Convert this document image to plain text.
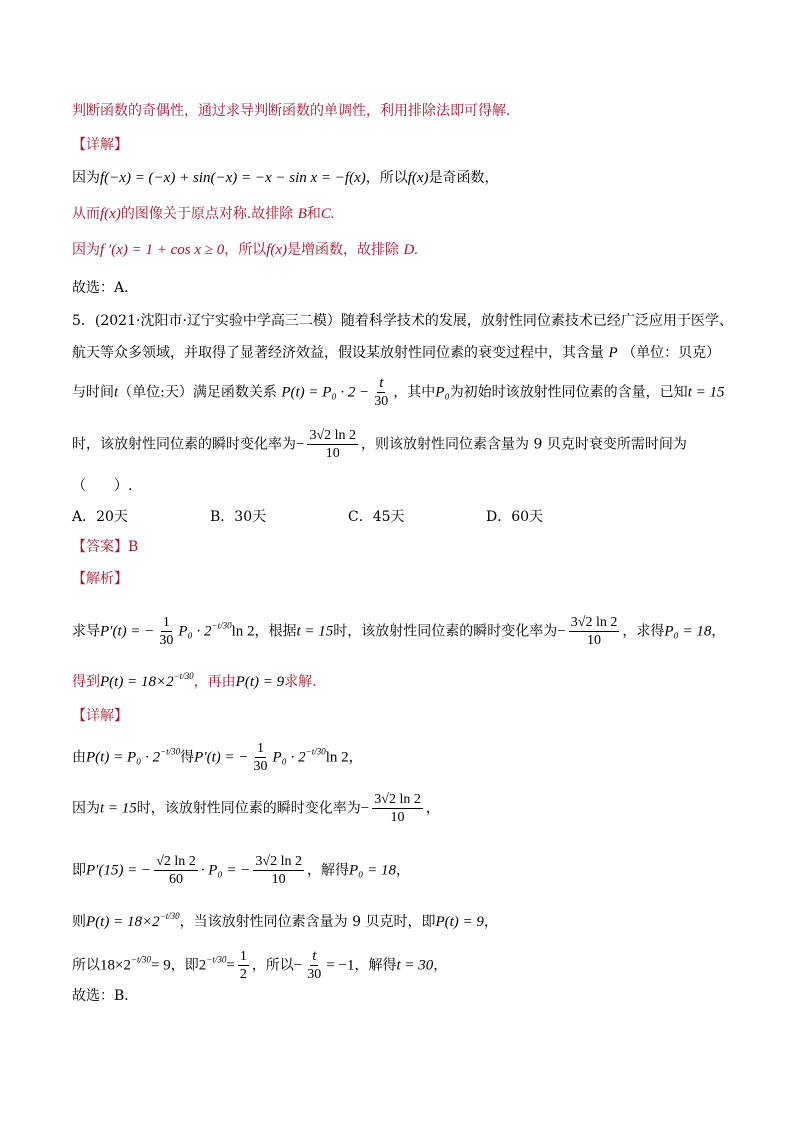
判断函数的奇偶性，通过求导判断函数的单调性，利用排除法即可得解．
【详解】
因为f(−x) = (−x) + sin(−x) = −x − sin x = −f(x)，所以f(x)是奇函数，
从而f(x)的图像关于原点对称.故排除 B和C.
因为f ′(x) = 1 + cos x ≥ 0，所以f(x)是增函数，故排除 D.
故选：A．
5．(2021·沈阳市·辽宁实验中学高三二模）随着科学技术的发展，放射性同位素技术已经广泛应用于医学、
航天等众多领域，并取得了显著经济效益，假设某放射性同位素的衰变过程中，其含量 P （单位：贝克）
与时间t（单位:天）满足函数关系 $P(t) = P_0 \cdot 2 - \frac{t}{30}$ ，其中P₀为初始时该放射性同位素的含量，已知t = 15
时，该放射性同位素的瞬时变化率为− $\frac{3√2 \ln 2}{10}$ ，则该放射性同位素含量为 9 贝克时衰变所需时间为
（　　）.
A．20天	B．30天	C．45天	D．60天
【答案】B
【解析】
求导P′(t) = − $\frac{1}{30} P_0 \cdot 2^{-t/30}\ln$ 2，根据t = 15时，该放射性同位素的瞬时变化率为− $\frac{3√2 \ln 2}{10}$ ，求得P₀ = 18，
得到$P(t) = 18\times 2^{-t/30}$，再由P(t) = 9求解.
【详解】
由$P(t) = P_0 \cdot 2^{-t/30}$得P′(t) = − $\frac{1}{30} P_0 \cdot 2^{-t/30}\ln$ 2，
因为t = 15时，该放射性同位素的瞬时变化率为− $\frac{3√2 \ln 2}{10}$ ，
即P′(15) = − $\frac{√2 \ln 2}{60} \cdot P_0$ = − $\frac{3√2 \ln 2}{10}$ ，解得P₀ = 18，
则$P(t) = 18\times 2^{-t/30}$，当该放射性同位素含量为 9 贝克时，即P(t) = 9，
所以$18\times 2^{-t/30}= 9$，即$2^{-t/30}= \frac{1}{2}$ ，所以− $\frac{t}{30} = -1$，解得t = 30，
故选：B．
